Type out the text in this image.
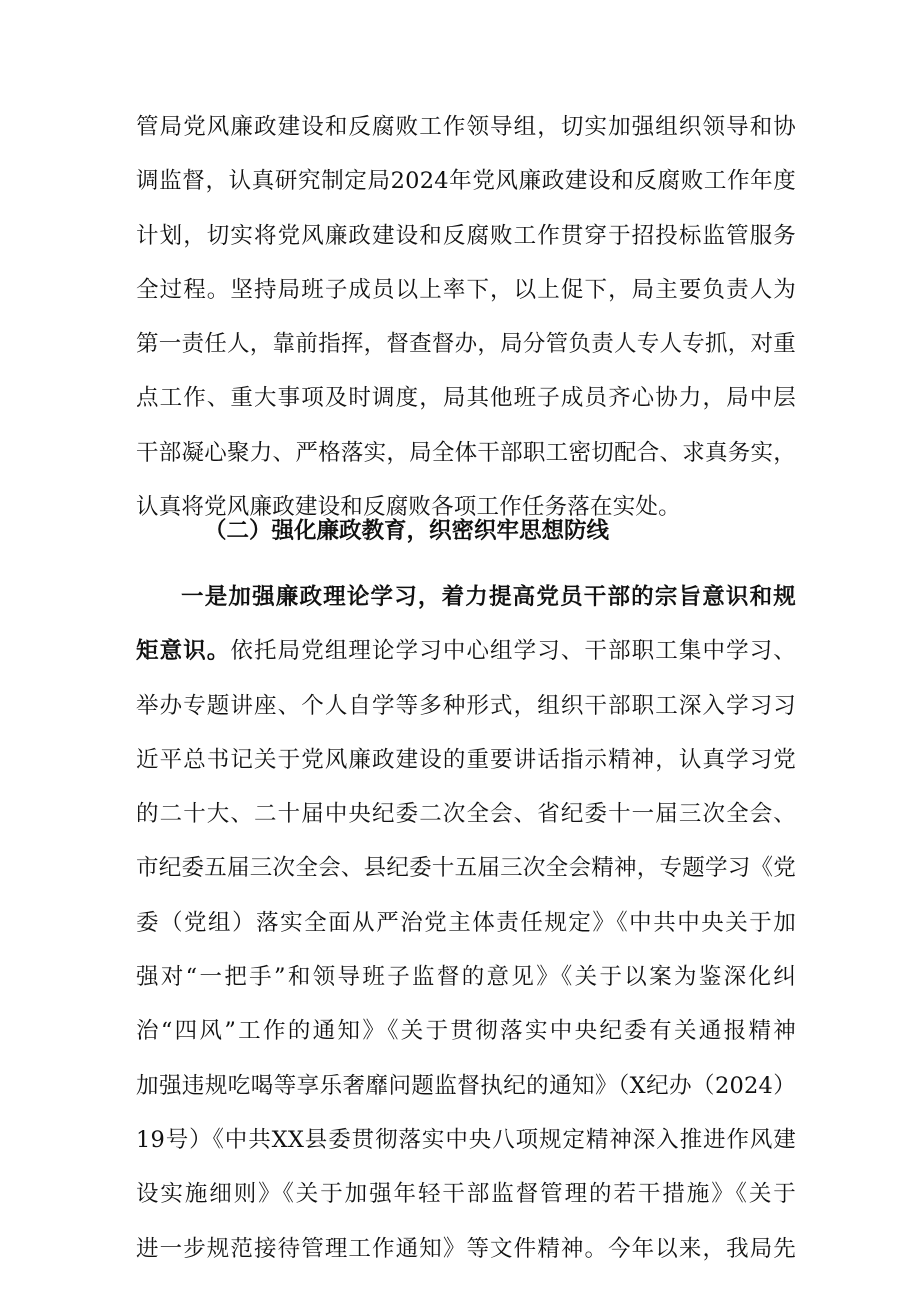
管局党风廉政建设和反腐败工作领导组，切实加强组织领导和协
调监督，认真研究制定局2024年党风廉政建设和反腐败工作年度
计划，切实将党风廉政建设和反腐败工作贯穿于招投标监管服务
全过程。坚持局班子成员以上率下，以上促下，局主要负责人为
第一责任人，靠前指挥，督查督办，局分管负责人专人专抓，对重
点工作、重大事项及时调度，局其他班子成员齐心协力，局中层
干部凝心聚力、严格落实，局全体干部职工密切配合、求真务实，
认真将党风廉政建设和反腐败各项工作任务落在实处。

（二）强化廉政教育，织密织牢思想防线

一是加强廉政理论学习，着力提高党员干部的宗旨意识和规
矩意识。依托局党组理论学习中心组学习、干部职工集中学习、
举办专题讲座、个人自学等多种形式，组织干部职工深入学习习
近平总书记关于党风廉政建设的重要讲话指示精神，认真学习党
的二十大、二十届中央纪委二次全会、省纪委十一届三次全会、
市纪委五届三次全会、县纪委十五届三次全会精神，专题学习《党
委（党组）落实全面从严治党主体责任规定》《中共中央关于加
强对“一把手”和领导班子监督的意见》《关于以案为鉴深化纠
治“四风”工作的通知》《关于贯彻落实中央纪委有关通报精神
加强违规吃喝等享乐奢靡问题监督执纪的通知》（X纪办（2024）
19号）《中共XX县委贯彻落实中央八项规定精神深入推进作风建
设实施细则》《关于加强年轻干部监督管理的若干措施》《关于
进一步规范接待管理工作通知》等文件精神。今年以来，我局先
